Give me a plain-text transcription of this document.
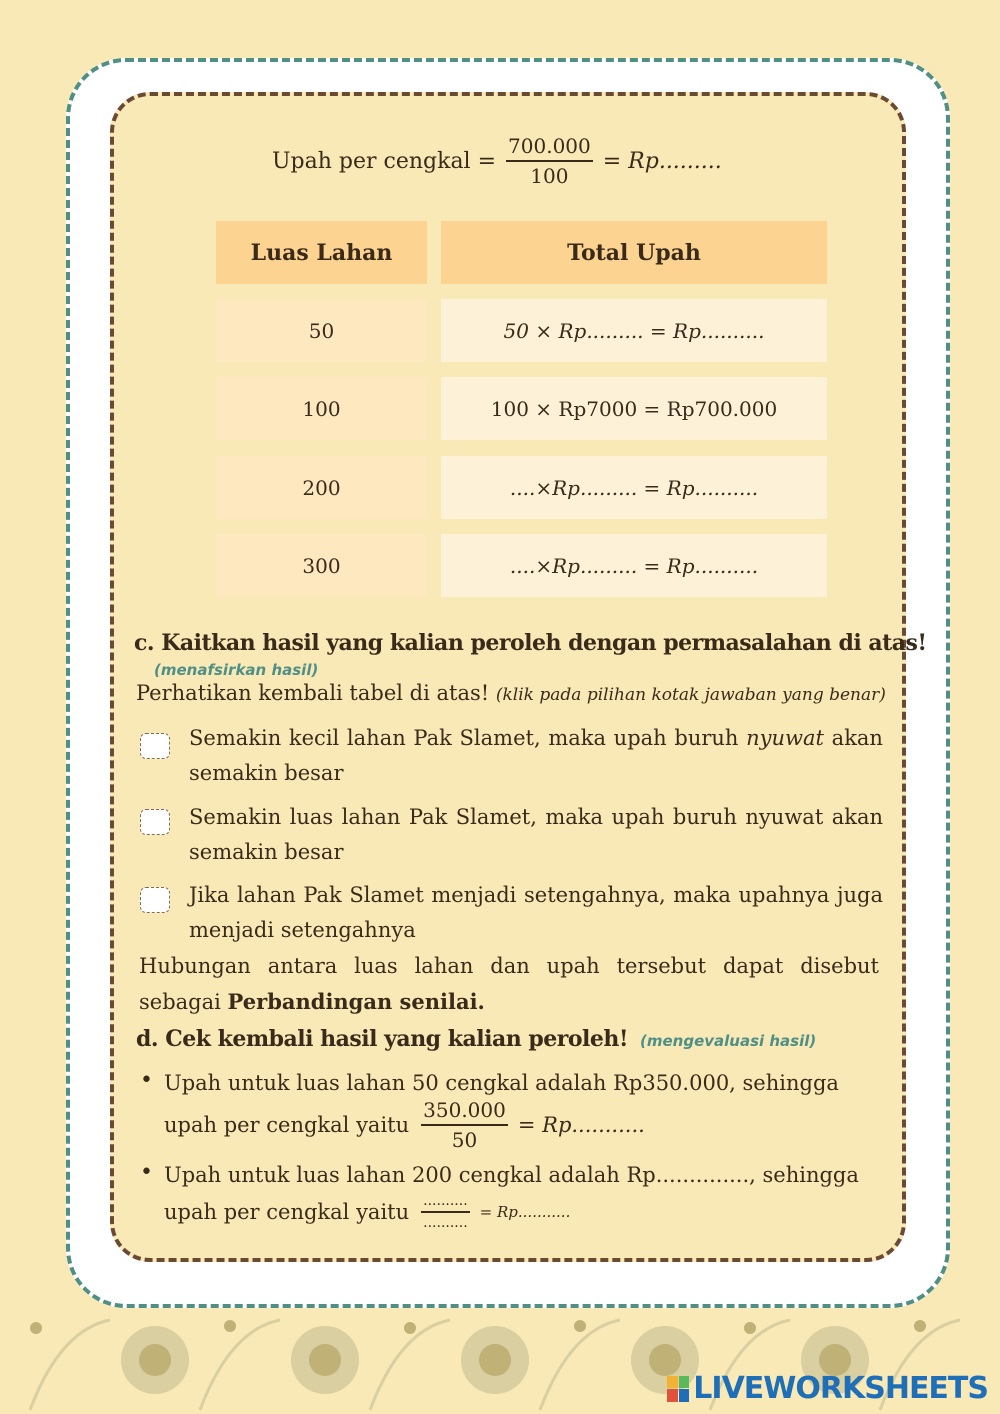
Upah per cengkal = $\frac{700.000}{100} = Rp$.........
Luas Lahan	Total Upah
50	50 × Rp......... = Rp..........
100	100 × Rp7000 = Rp700.000
200	....×Rp......... = Rp..........
300	....×Rp......... = Rp..........
c. Kaitkan hasil yang kalian peroleh dengan permasalahan di atas!
(menafsirkan hasil)
Perhatikan kembali tabel di atas! (klik pada pilihan kotak jawaban yang benar)
Semakin kecil lahan Pak Slamet, maka upah buruh nyuwat akan semakin besar
Semakin luas lahan Pak Slamet, maka upah buruh nyuwat akan semakin besar
Jika lahan Pak Slamet menjadi setengahnya, maka upahnya juga menjadi setengahnya
Hubungan antara luas lahan dan upah tersebut dapat disebut sebagai Perbandingan senilai.
d. Cek kembali hasil yang kalian peroleh! (mengevaluasi hasil)
• Upah untuk luas lahan 50 cengkal adalah Rp350.000, sehingga
upah per cengkal yaitu $\frac{350.000}{50} = Rp$...........
• Upah untuk luas lahan 200 cengkal adalah Rp.............., sehingga
upah per cengkal yaitu $\frac{..........}{..........} = Rp$...........
LIVEWORKSHEETS
